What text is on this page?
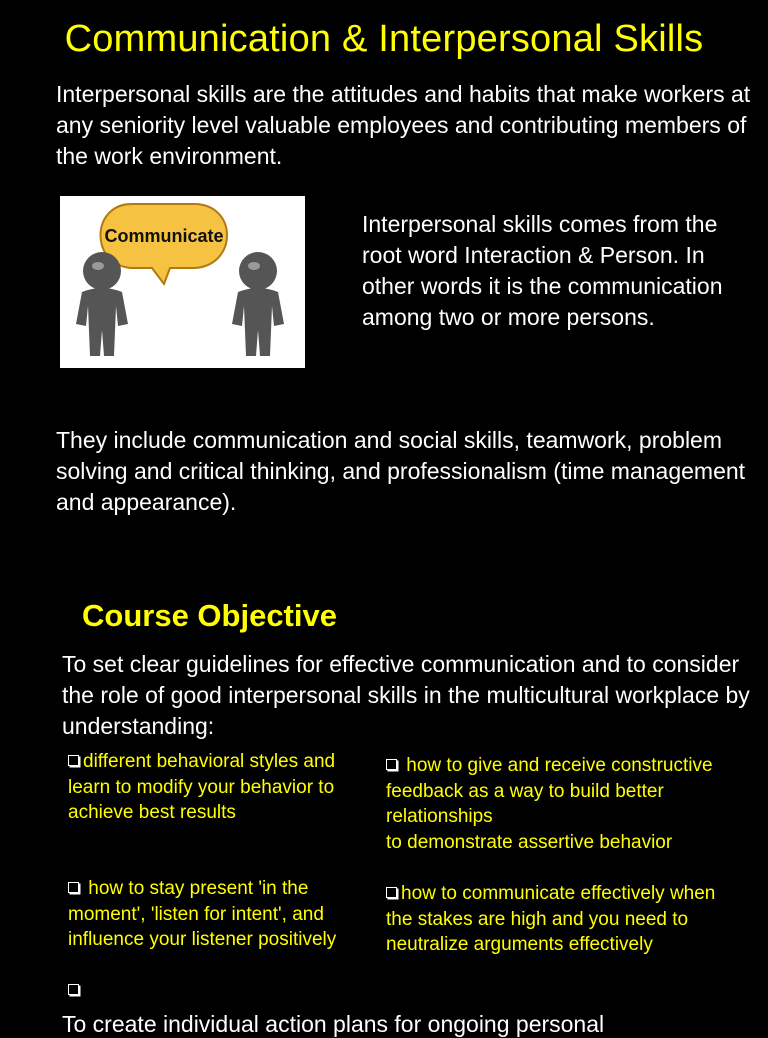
Communication & Interpersonal Skills
Interpersonal skills are the attitudes and habits that make workers at any seniority level valuable employees and contributing members of the work environment.
Communicate	Interpersonal skills comes from the root word Interaction & Person. In other words it is the communication among two or more persons.
They include communication and social skills, teamwork, problem solving and critical thinking, and professionalism (time management and appearance).
Course Objective
To set clear guidelines for effective communication and to consider the role of good interpersonal skills in the multicultural workplace by understanding:
different behavioral styles and learn to modify your behavior to achieve best results
how to give and receive constructive feedback as a way to build better relationships
to demonstrate assertive behavior
how to stay present 'in the moment', 'listen for intent', and influence your listener positively
how to communicate effectively when the stakes are high and you need to neutralize arguments effectively
To create individual action plans for ongoing personal
